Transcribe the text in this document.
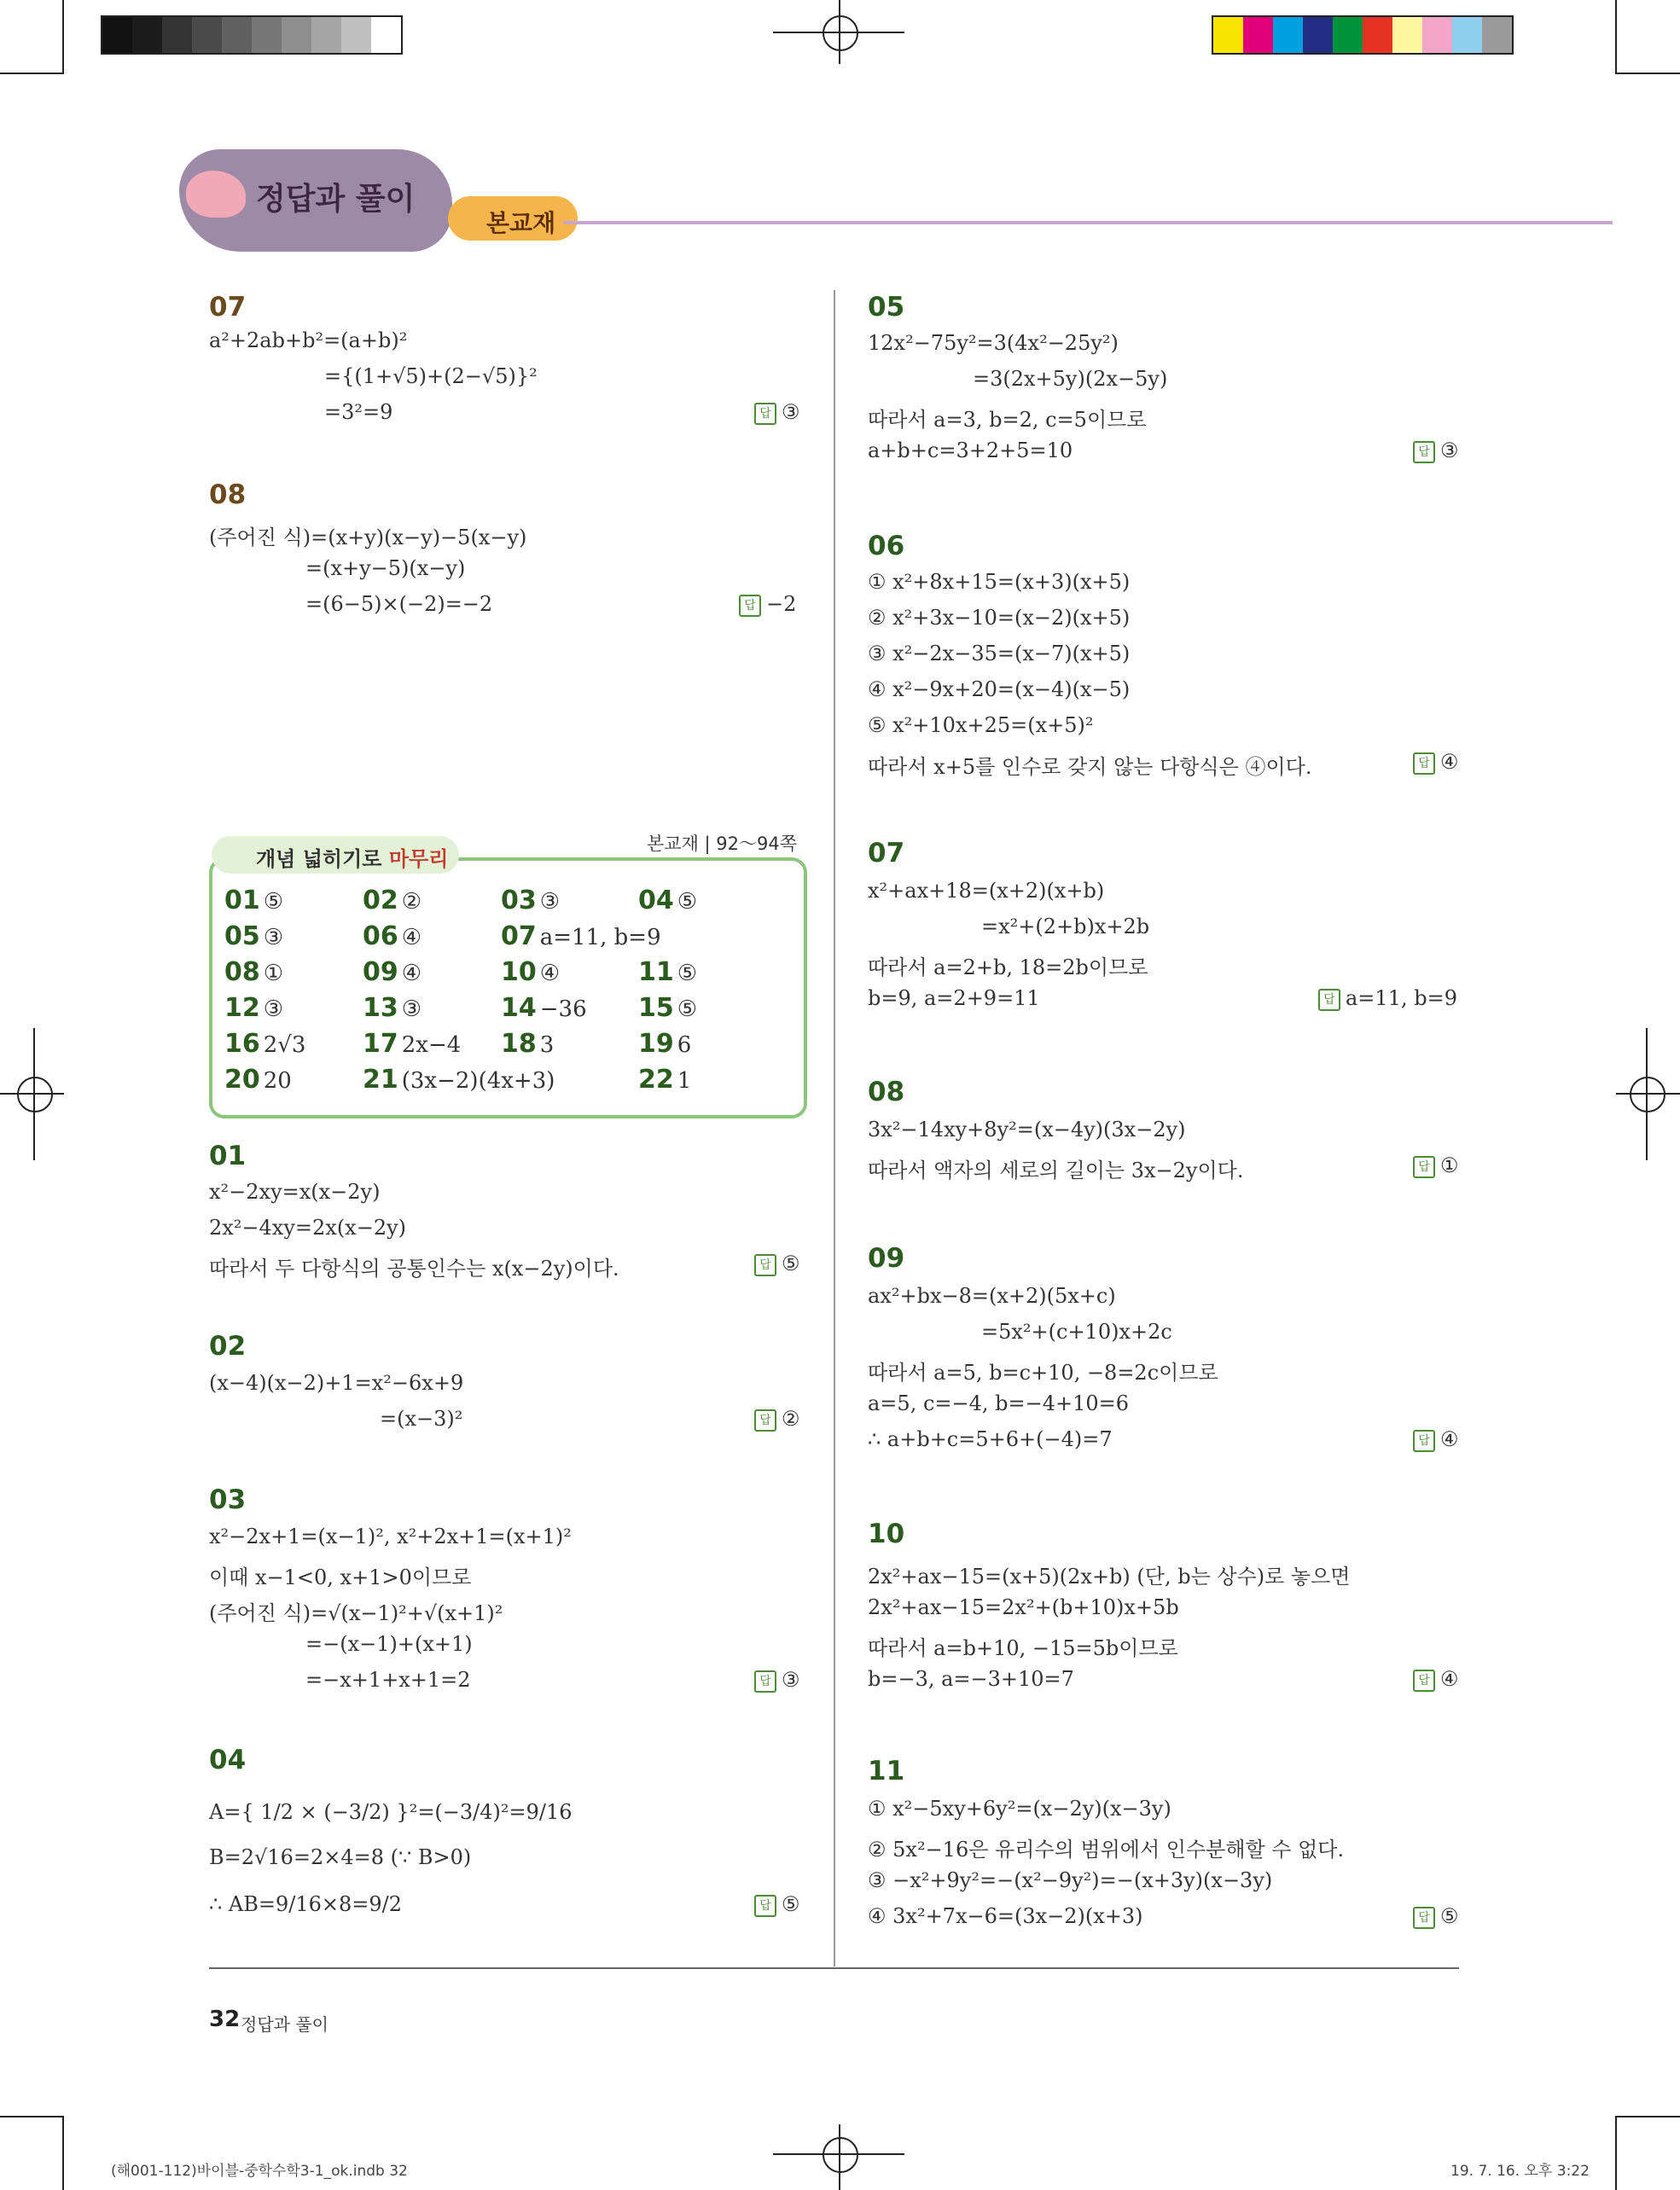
정답과 풀이
본교재
07
a²+2ab+b²=(a+b)²
={(1+√5)+(2−√5)}²
=3²=9	답 ③
08
(주어진 식)=(x+y)(x−y)−5(x−y)
=(x+y−5)(x−y)
=(6−5)×(−2)=−2	답 −2
개념 넓히기로 마무리
본교재 | 92～94쪽
01 ⑤	02 ②	03 ③	04 ⑤
05 ③	06 ④	07 a=11, b=9
08 ①	09 ④	10 ④	11 ⑤
12 ③	13 ③	14 −36 15 ⑤
16 2√3 17 2x−4 18 3	19 6
20 20	21 (3x−2)(4x+3)	22 1
01
x²−2xy=x(x−2y)
2x²−4xy=2x(x−2y)
따라서 두 다항식의 공통인수는 x(x−2y)이다.	답 ⑤
02
(x−4)(x−2)+1=x²−6x+9
=(x−3)²	답 ②
03
x²−2x+1=(x−1)², x²+2x+1=(x+1)²
이때 x−1<0, x+1>0이므로
(주어진 식)=√(x−1)²+√(x+1)²
=−(x−1)+(x+1)
=−x+1+x+1=2	답 ③
04
A={ 1/2 × (−3/2) }²=(−3/4)²=9/16
B=2√16=2×4=8 (∵ B>0)
∴ AB=9/16×8=9/2	답 ⑤
05
12x²−75y²=3(4x²−25y²)
=3(2x+5y)(2x−5y)
따라서 a=3, b=2, c=5이므로
a+b+c=3+2+5=10	답 ③
06
① x²+8x+15=(x+3)(x+5)
② x²+3x−10=(x−2)(x+5)
③ x²−2x−35=(x−7)(x+5)
④ x²−9x+20=(x−4)(x−5)
⑤ x²+10x+25=(x+5)²
따라서 x+5를 인수로 갖지 않는 다항식은 ④이다.	답 ④
07
x²+ax+18=(x+2)(x+b)
=x²+(2+b)x+2b
따라서 a=2+b, 18=2b이므로
b=9, a=2+9=11	답 a=11, b=9
08
3x²−14xy+8y²=(x−4y)(3x−2y)
따라서 액자의 세로의 길이는 3x−2y이다.	답 ①
09
ax²+bx−8=(x+2)(5x+c)
=5x²+(c+10)x+2c
따라서 a=5, b=c+10, −8=2c이므로
a=5, c=−4, b=−4+10=6
∴ a+b+c=5+6+(−4)=7	답 ④
10
2x²+ax−15=(x+5)(2x+b) (단, b는 상수)로 놓으면
2x²+ax−15=2x²+(b+10)x+5b
따라서 a=b+10, −15=5b이므로
b=−3, a=−3+10=7	답 ④
11
① x²−5xy+6y²=(x−2y)(x−3y)
② 5x²−16은 유리수의 범위에서 인수분해할 수 없다.
③ −x²+9y²=−(x²−9y²)=−(x+3y)(x−3y)
④ 3x²+7x−6=(3x−2)(x+3)	답 ⑤
32 정답과 풀이
(해001-112)바이블-중학수학3-1_ok.indb 32	19. 7. 16. 오후 3:22
